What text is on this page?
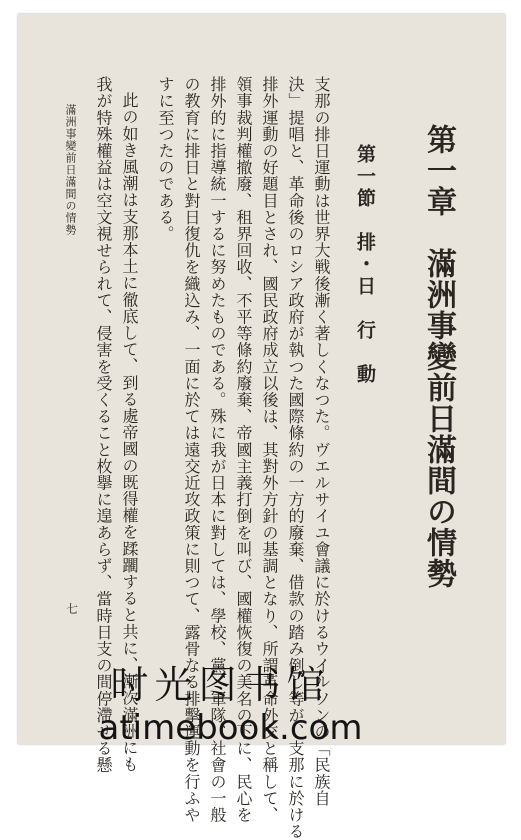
第一章　滿洲事變前日滿間の情勢
第一節　排・日　行　動
支那の排日運動は世界大戦後漸く著しくなつた。ヴエルサイユ會議に於けるウイルソンの「民族自
決」提唱と、革命後のロシア政府が執つた國際條約の一方的廢棄、借款の踏み倒し等が、支那に於ける
排外運動の好題目とされ、國民政府成立以後は、其對外方針の基調となり、所謂革命外交と稱して、
領事裁判權撤廢、租界回收、不平等條約廢棄、帝國主義打倒を叫び、國權恢復の美名の下に、民心を
排外的に指導統一するに努めたものである。殊に我が日本に對しては、學校、黨、軍隊、社會の一般
の教育に排日と對日復仇を織込み、一面に於ては遠交近攻政策に則つて、露骨なる排擊運動を行ふや
すに至つたのである。
此の如き風潮は支那本土に徹底して、到る處帝國の既得權を蹂躙すると共に、漸次滿洲にも
我が特殊權益は空文視せられて、侵害を受くること枚擧に遑あらず、當時日支の間停滯せる懸
滿洲事變前日滿間の情勢
七
时光图书馆
atimebook.com
